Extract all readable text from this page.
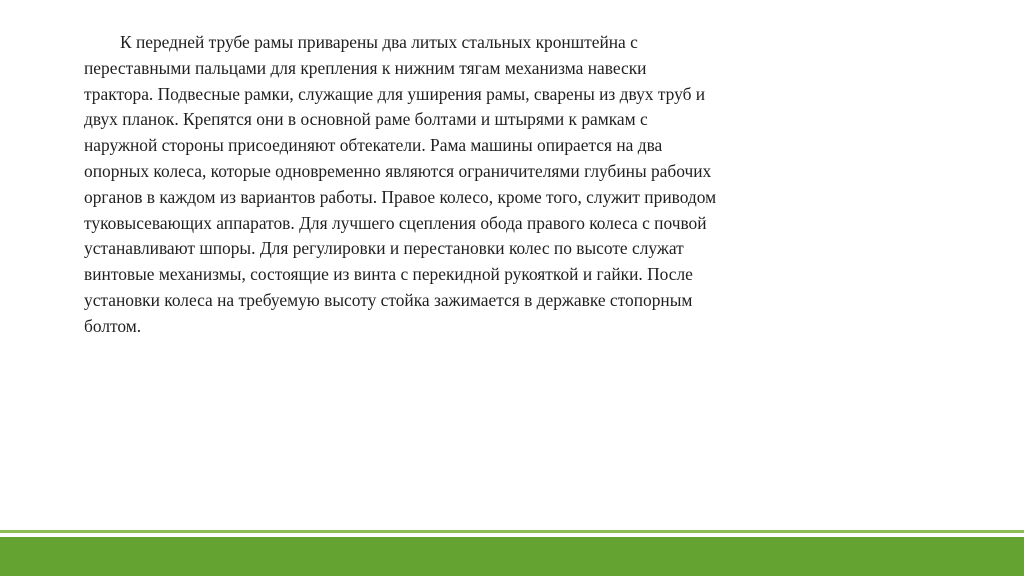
К передней трубе рамы приварены два литых стальных кронштейна с
переставными пальцами для крепления к нижним тягам механизма навески
трактора. Подвесные рамки, служащие для уширения рамы, сварены из двух труб и
двух планок. Крепятся они в основной раме болтами и штырями к рамкам с
наружной стороны присоединяют обтекатели. Рама машины опирается на два
опорных колеса, которые одновременно являются ограничителями глубины рабочих
органов в каждом из вариантов работы. Правое колесо, кроме того, служит приводом
туковысевающих аппаратов. Для лучшего сцепления обода правого колеса с почвой
устанавливают шпоры. Для регулировки и перестановки колес по высоте служат
винтовые механизмы, состоящие из винта с перекидной рукояткой и гайки. После
установки колеса на требуемую высоту стойка зажимается в державке стопорным
болтом.
